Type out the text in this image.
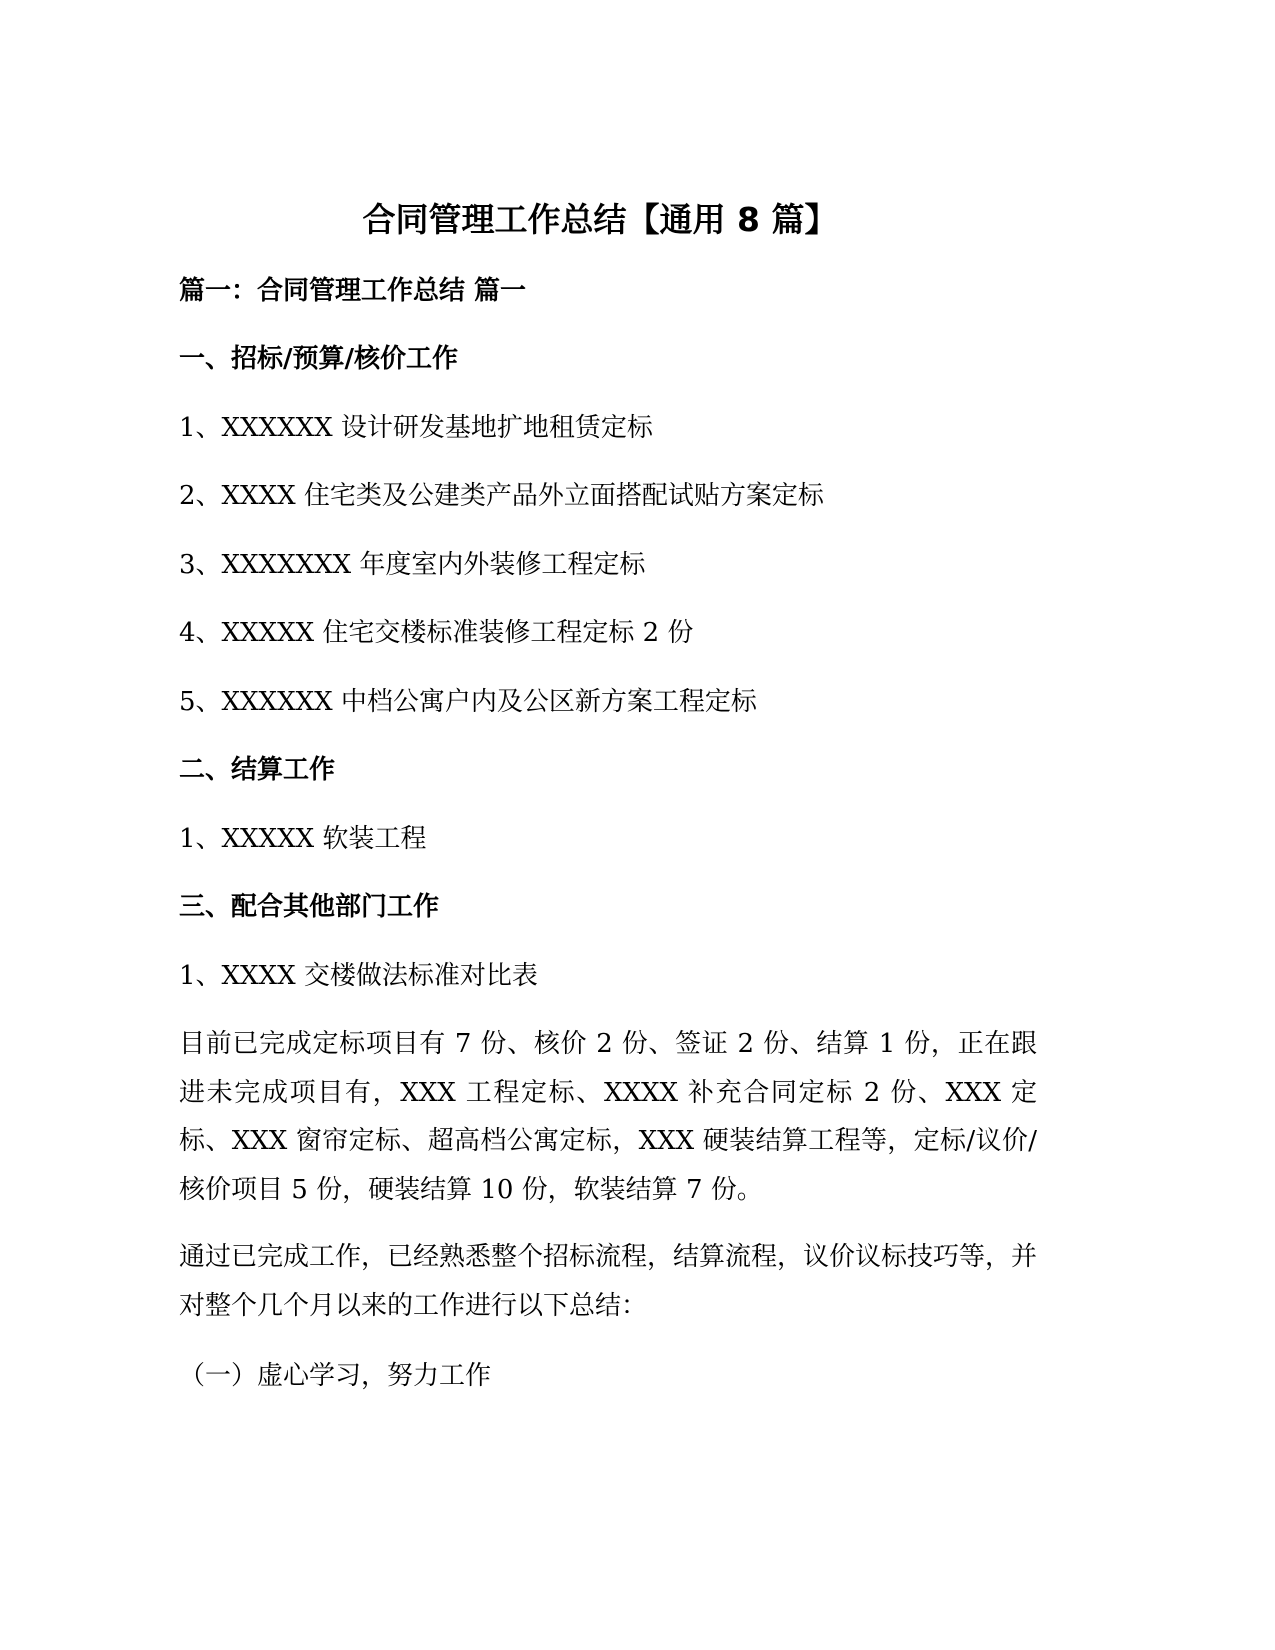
合同管理工作总结【通用 8 篇】

篇一：合同管理工作总结 篇一

一、招标/预算/核价工作

1、XXXXXX 设计研发基地扩地租赁定标

2、XXXX 住宅类及公建类产品外立面搭配试贴方案定标

3、XXXXXXX 年度室内外装修工程定标

4、XXXXX 住宅交楼标准装修工程定标 2 份

5、XXXXXX 中档公寓户内及公区新方案工程定标

二、结算工作

1、XXXXX 软装工程

三、配合其他部门工作

1、XXXX 交楼做法标准对比表

目前已完成定标项目有 7 份、核价 2 份、签证 2 份、结算 1 份，正在跟进未完成项目有，XXX 工程定标、XXXX 补充合同定标 2 份、XXX 定标、XXX 窗帘定标、超高档公寓定标，XXX 硬装结算工程等，定标/议价/核价项目 5 份，硬装结算 10 份，软装结算 7 份。

通过已完成工作，已经熟悉整个招标流程，结算流程，议价议标技巧等，并对整个几个月以来的工作进行以下总结：

（一）虚心学习，努力工作
